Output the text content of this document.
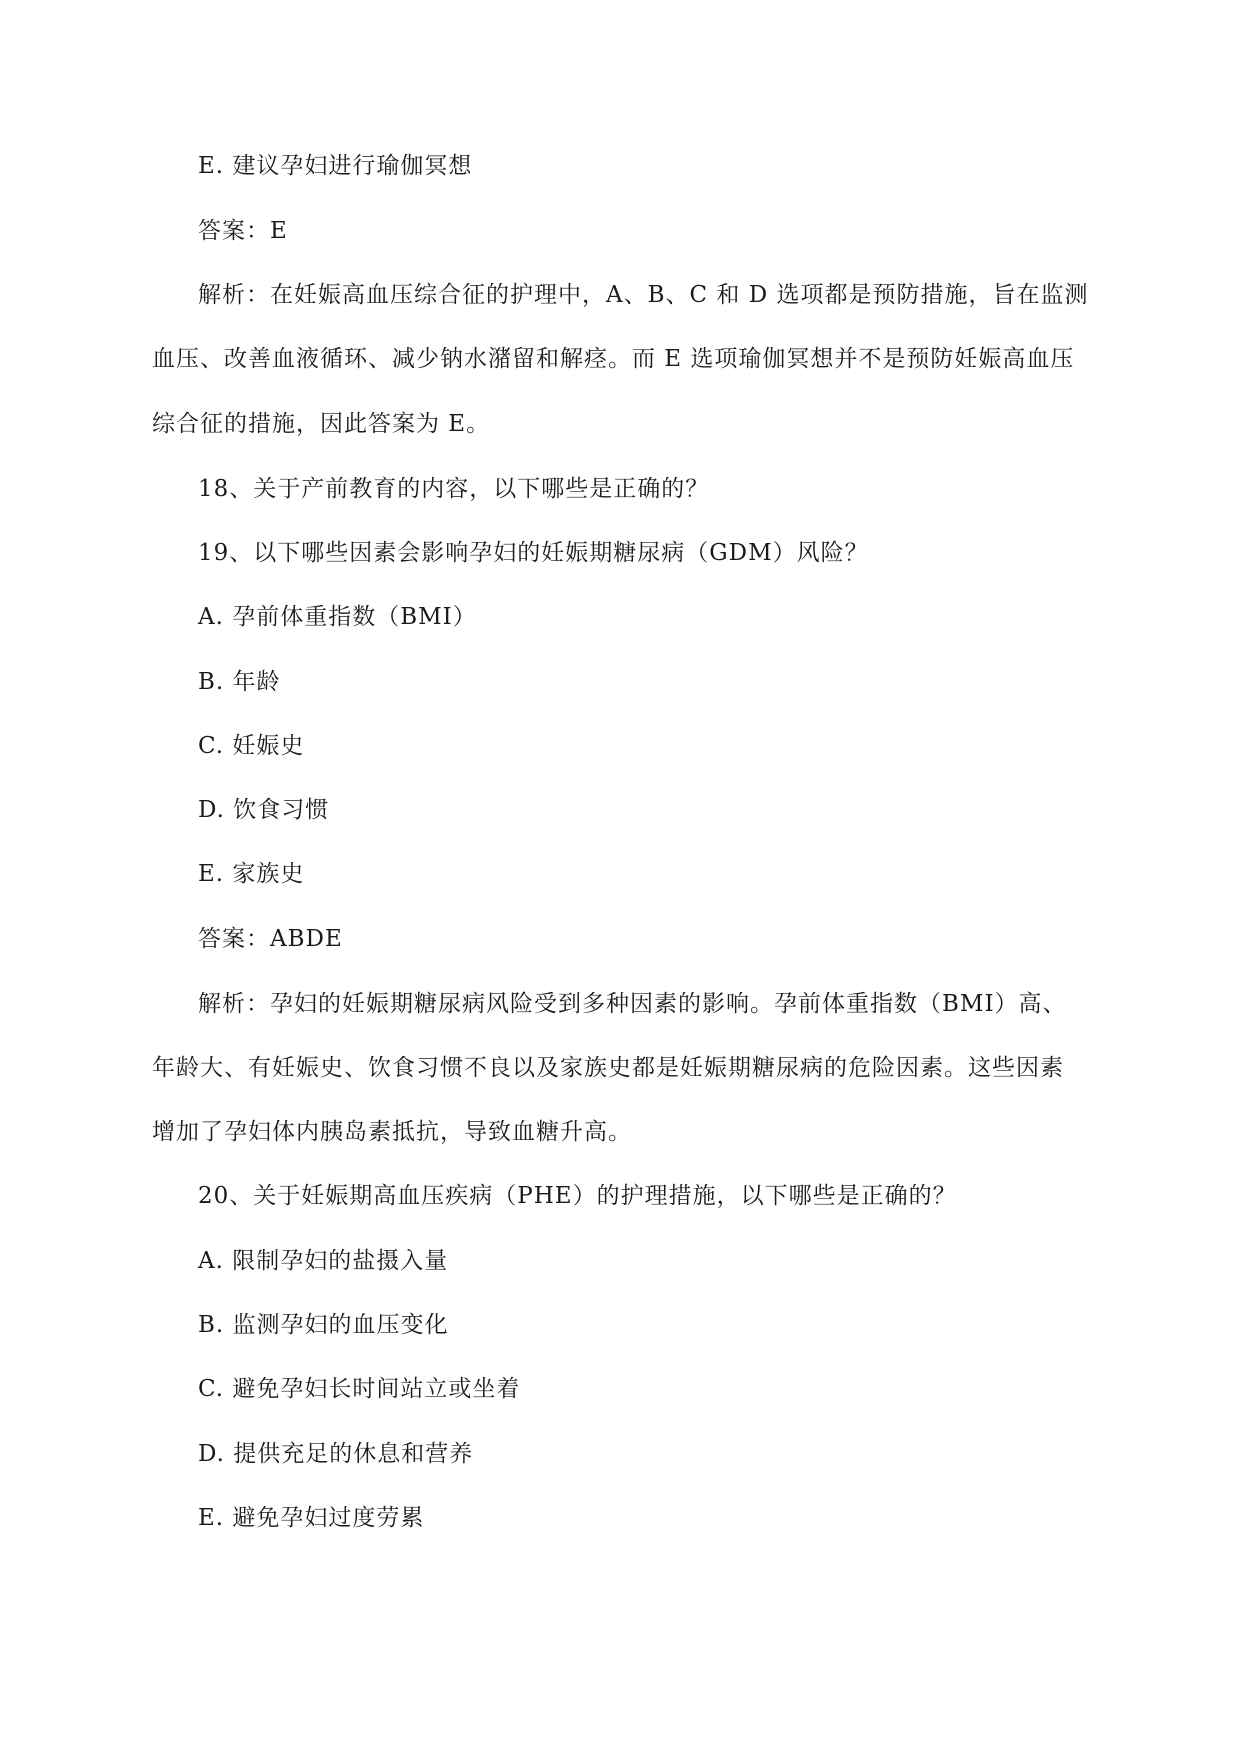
E. 建议孕妇进行瑜伽冥想
答案：E
解析：在妊娠高血压综合征的护理中，A、B、C 和 D 选项都是预防措施，旨在监测
血压、改善血液循环、减少钠水潴留和解痉。而 E 选项瑜伽冥想并不是预防妊娠高血压
综合征的措施，因此答案为 E。
18、关于产前教育的内容，以下哪些是正确的？
19、以下哪些因素会影响孕妇的妊娠期糖尿病（GDM）风险？
A. 孕前体重指数（BMI）
B. 年龄
C. 妊娠史
D. 饮食习惯
E. 家族史
答案：ABDE
解析：孕妇的妊娠期糖尿病风险受到多种因素的影响。孕前体重指数（BMI）高、
年龄大、有妊娠史、饮食习惯不良以及家族史都是妊娠期糖尿病的危险因素。这些因素
增加了孕妇体内胰岛素抵抗，导致血糖升高。
20、关于妊娠期高血压疾病（PHE）的护理措施，以下哪些是正确的？
A. 限制孕妇的盐摄入量
B. 监测孕妇的血压变化
C. 避免孕妇长时间站立或坐着
D. 提供充足的休息和营养
E. 避免孕妇过度劳累
